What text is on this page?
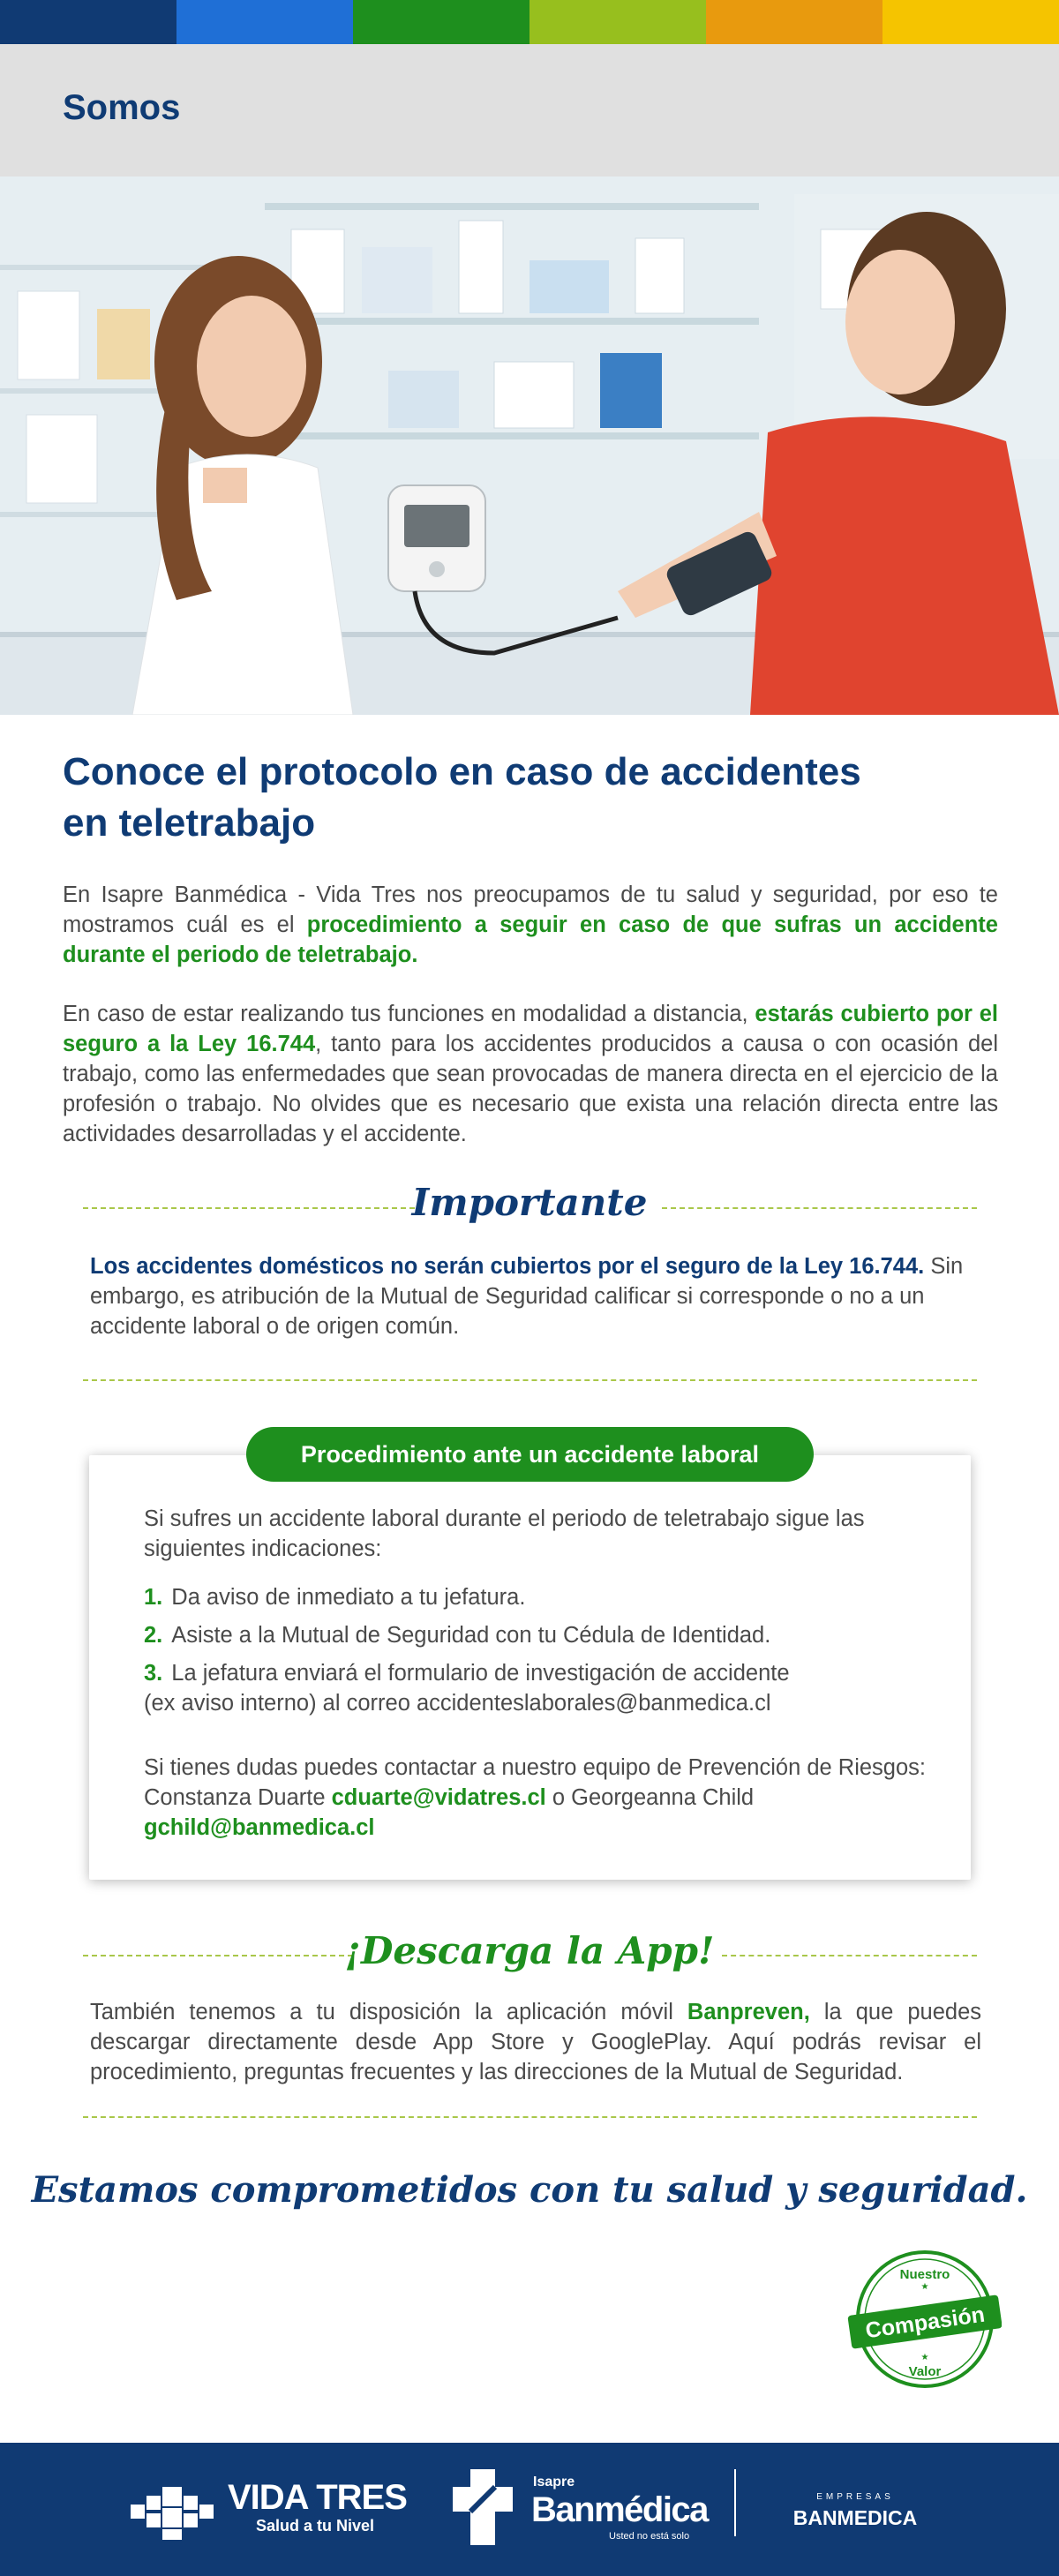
Somos
Conoce el protocolo en caso de accidentes
en teletrabajo

En Isapre Banmédica - Vida Tres nos preocupamos de tu salud y seguridad, por eso te mostramos cuál es el procedimiento a seguir en caso de que sufras un accidente durante el periodo de teletrabajo.

En caso de estar realizando tus funciones en modalidad a distancia, estarás cubierto por el seguro a la Ley 16.744, tanto para los accidentes producidos a causa o con ocasión del trabajo, como las enfermedades que sean provocadas de manera directa en el ejercicio de la profesión o trabajo. No olvides que es necesario que exista una relación directa entre las actividades desarrolladas y el accidente.

Importante

Los accidentes domésticos no serán cubiertos por el seguro de la Ley 16.744. Sin embargo, es atribución de la Mutual de Seguridad calificar si corresponde o no a un accidente laboral o de origen común.

Procedimiento ante un accidente laboral

Si sufres un accidente laboral durante el periodo de teletrabajo sigue las siguientes indicaciones:

1. Da aviso de inmediato a tu jefatura.
2. Asiste a la Mutual de Seguridad con tu Cédula de Identidad.
3. La jefatura enviará el formulario de investigación de accidente
(ex aviso interno) al correo accidenteslaborales@banmedica.cl

Si tienes dudas puedes contactar a nuestro equipo de Prevención de Riesgos: Constanza Duarte cduarte@vidatres.cl o Georgeanna Child
gchild@banmedica.cl

¡Descarga la App!

También tenemos a tu disposición la aplicación móvil Banpreven, la que puedes descargar directamente desde App Store y GooglePlay. Aquí podrás revisar el procedimiento, preguntas frecuentes y las direcciones de la Mutual de Seguridad.

Estamos comprometidos con tu salud y seguridad.
Nuestro
Valor
★
★
Compasión
VIDA TRES
Salud a tu Nivel
Isapre
Banmédica
Usted no está solo
EMPRESAS
BANMEDICA
